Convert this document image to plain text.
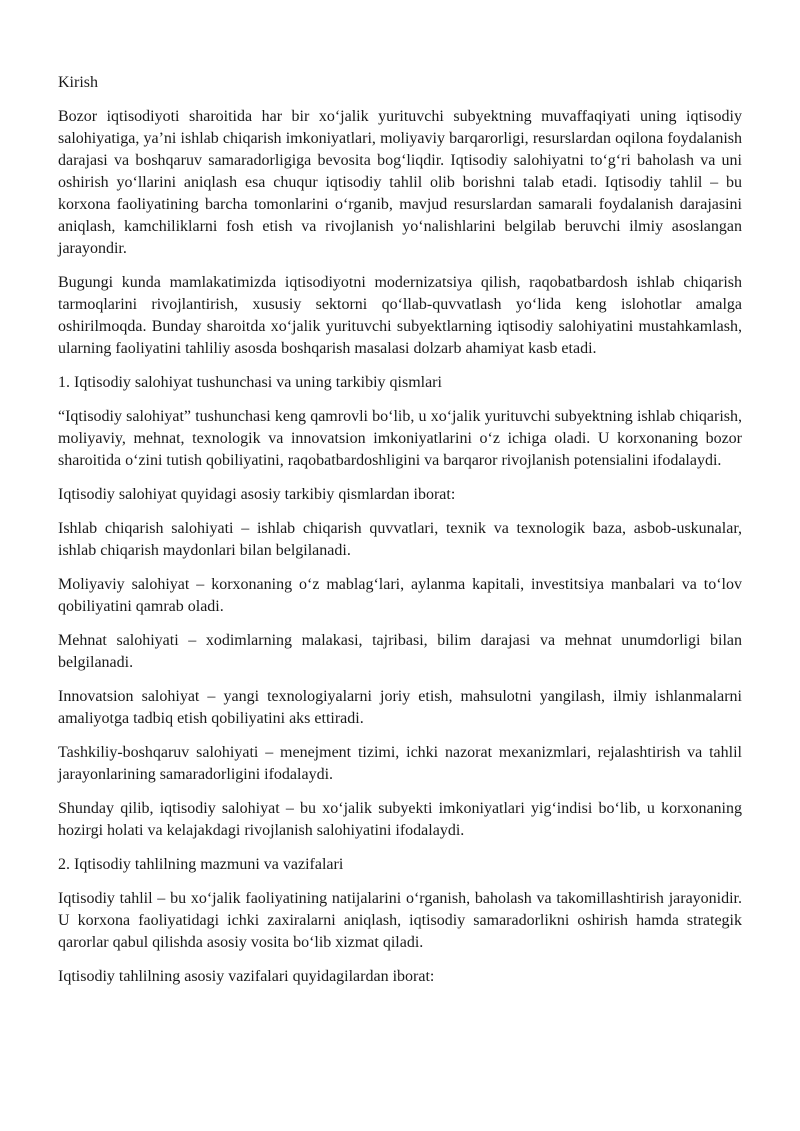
Kirish

Bozor iqtisodiyoti sharoitida har bir xo‘jalik yurituvchi subyektning muvaffaqiyati uning iqtisodiy salohiyatiga, ya’ni ishlab chiqarish imkoniyatlari, moliyaviy barqarorligi, resurslardan oqilona foydalanish darajasi va boshqaruv samaradorligiga bevosita bog‘liqdir. Iqtisodiy salohiyatni to‘g‘ri baholash va uni oshirish yo‘llarini aniqlash esa chuqur iqtisodiy tahlil olib borishni talab etadi. Iqtisodiy tahlil – bu korxona faoliyatining barcha tomonlarini o‘rganib, mavjud resurslardan samarali foydalanish darajasini aniqlash, kamchiliklarni fosh etish va rivojlanish yo‘nalishlarini belgilab beruvchi ilmiy asoslangan jarayondir.

Bugungi kunda mamlakatimizda iqtisodiyotni modernizatsiya qilish, raqobatbardosh ishlab chiqarish tarmoqlarini rivojlantirish, xususiy sektorni qo‘llab-quvvatlash yo‘lida keng islohotlar amalga oshirilmoqda. Bunday sharoitda xo‘jalik yurituvchi subyektlarning iqtisodiy salohiyatini mustahkamlash, ularning faoliyatini tahliliy asosda boshqarish masalasi dolzarb ahamiyat kasb etadi.

1. Iqtisodiy salohiyat tushunchasi va uning tarkibiy qismlari

“Iqtisodiy salohiyat” tushunchasi keng qamrovli bo‘lib, u xo‘jalik yurituvchi subyektning ishlab chiqarish, moliyaviy, mehnat, texnologik va innovatsion imkoniyatlarini o‘z ichiga oladi. U korxonaning bozor sharoitida o‘zini tutish qobiliyatini, raqobatbardoshligini va barqaror rivojlanish potensialini ifodalaydi.

Iqtisodiy salohiyat quyidagi asosiy tarkibiy qismlardan iborat:

Ishlab chiqarish salohiyati – ishlab chiqarish quvvatlari, texnik va texnologik baza, asbob-uskunalar, ishlab chiqarish maydonlari bilan belgilanadi.

Moliyaviy salohiyat – korxonaning o‘z mablag‘lari, aylanma kapitali, investitsiya manbalari va to‘lov qobiliyatini qamrab oladi.

Mehnat salohiyati – xodimlarning malakasi, tajribasi, bilim darajasi va mehnat unumdorligi bilan belgilanadi.

Innovatsion salohiyat – yangi texnologiyalarni joriy etish, mahsulotni yangilash, ilmiy ishlanmalarni amaliyotga tadbiq etish qobiliyatini aks ettiradi.

Tashkiliy-boshqaruv salohiyati – menejment tizimi, ichki nazorat mexanizmlari, rejalashtirish va tahlil jarayonlarining samaradorligini ifodalaydi.

Shunday qilib, iqtisodiy salohiyat – bu xo‘jalik subyekti imkoniyatlari yig‘indisi bo‘lib, u korxonaning hozirgi holati va kelajakdagi rivojlanish salohiyatini ifodalaydi.

2. Iqtisodiy tahlilning mazmuni va vazifalari

Iqtisodiy tahlil – bu xo‘jalik faoliyatining natijalarini o‘rganish, baholash va takomillashtirish jarayonidir. U korxona faoliyatidagi ichki zaxiralarni aniqlash, iqtisodiy samaradorlikni oshirish hamda strategik qarorlar qabul qilishda asosiy vosita bo‘lib xizmat qiladi.

Iqtisodiy tahlilning asosiy vazifalari quyidagilardan iborat:
